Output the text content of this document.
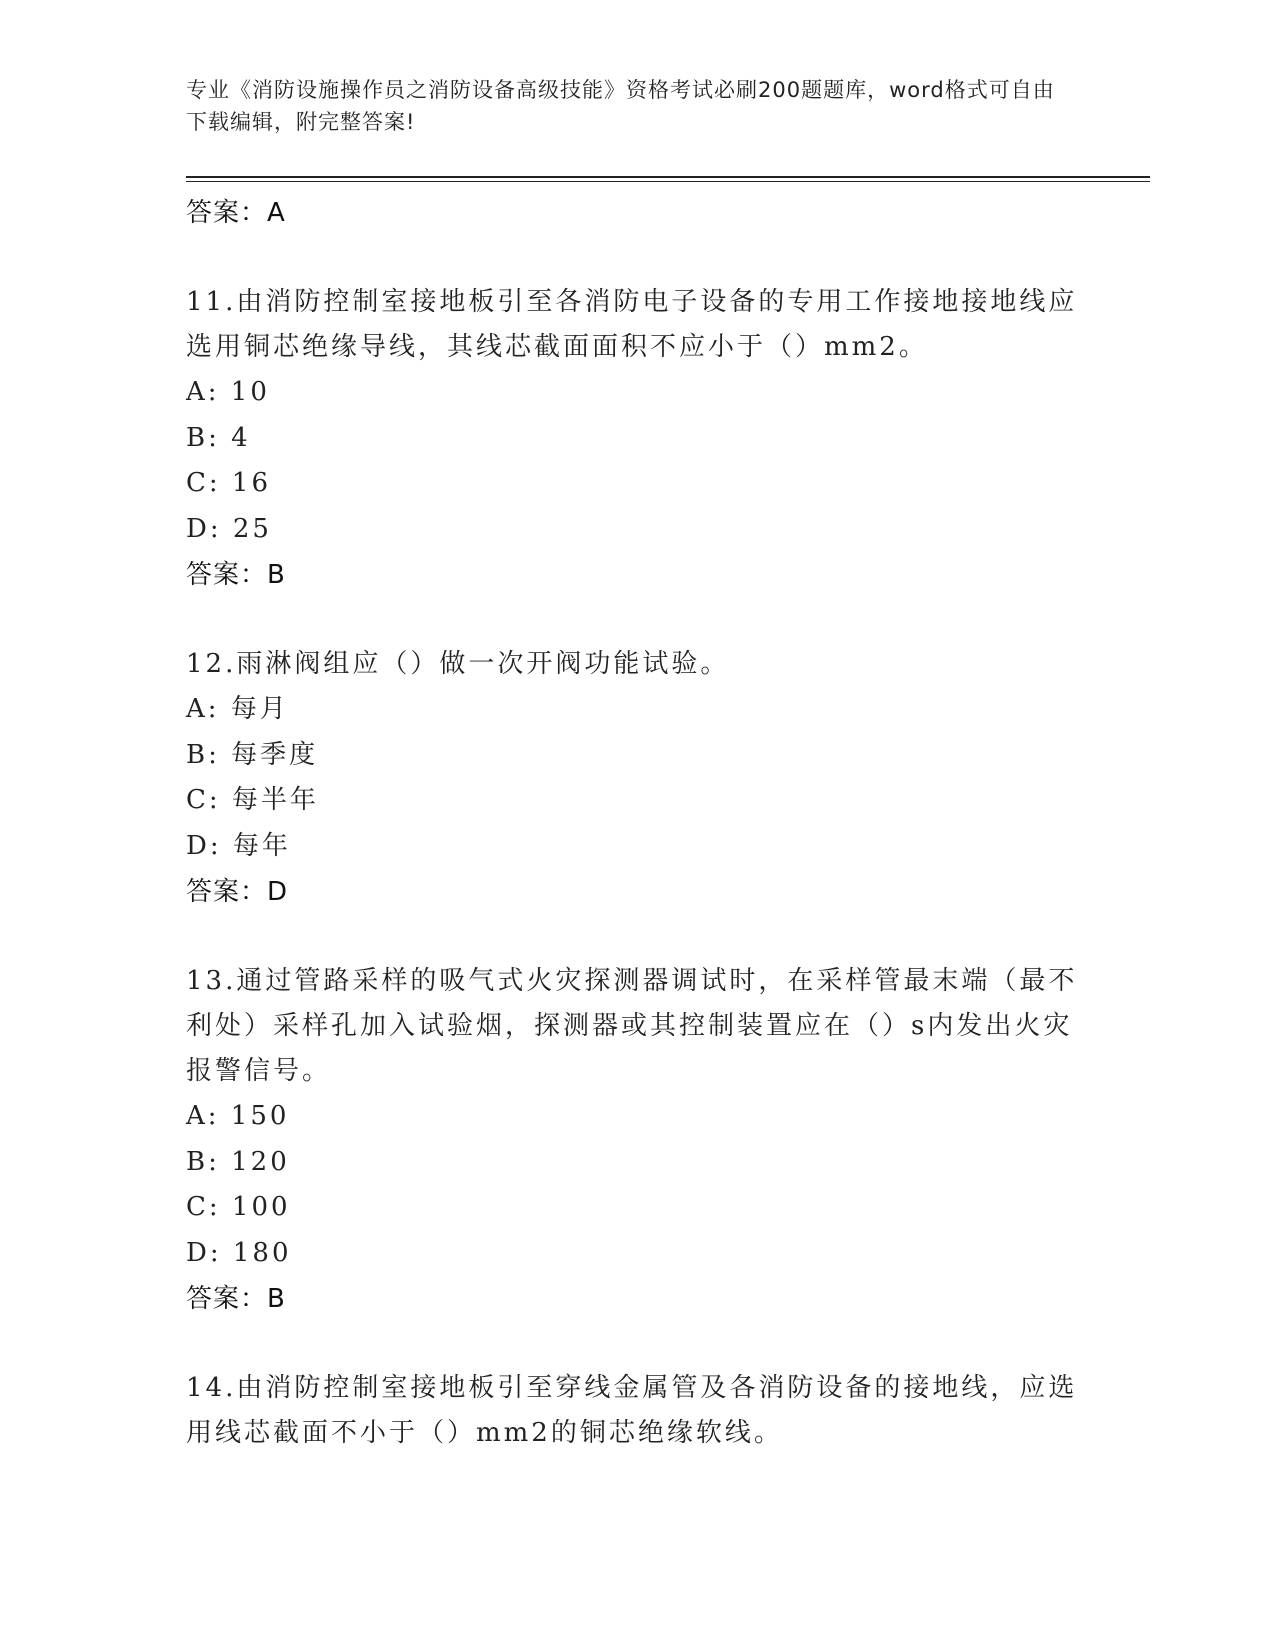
专业《消防设施操作员之消防设备高级技能》资格考试必刷200题题库，word格式可自由下载编辑，附完整答案!
答案：A
11.由消防控制室接地板引至各消防电子设备的专用工作接地接地线应选用铜芯绝缘导线，其线芯截面面积不应小于（）mm2。
A: 10
B: 4
C: 16
D: 25
答案：B
12.雨淋阀组应（）做一次开阀功能试验。
A: 每月
B: 每季度
C: 每半年
D: 每年
答案：D
13.通过管路采样的吸气式火灾探测器调试时，在采样管最末端（最不利处）采样孔加入试验烟，探测器或其控制装置应在（）s内发出火灾报警信号。
A: 150
B: 120
C: 100
D: 180
答案：B
14.由消防控制室接地板引至穿线金属管及各消防设备的接地线，应选用线芯截面不小于（）mm2的铜芯绝缘软线。
